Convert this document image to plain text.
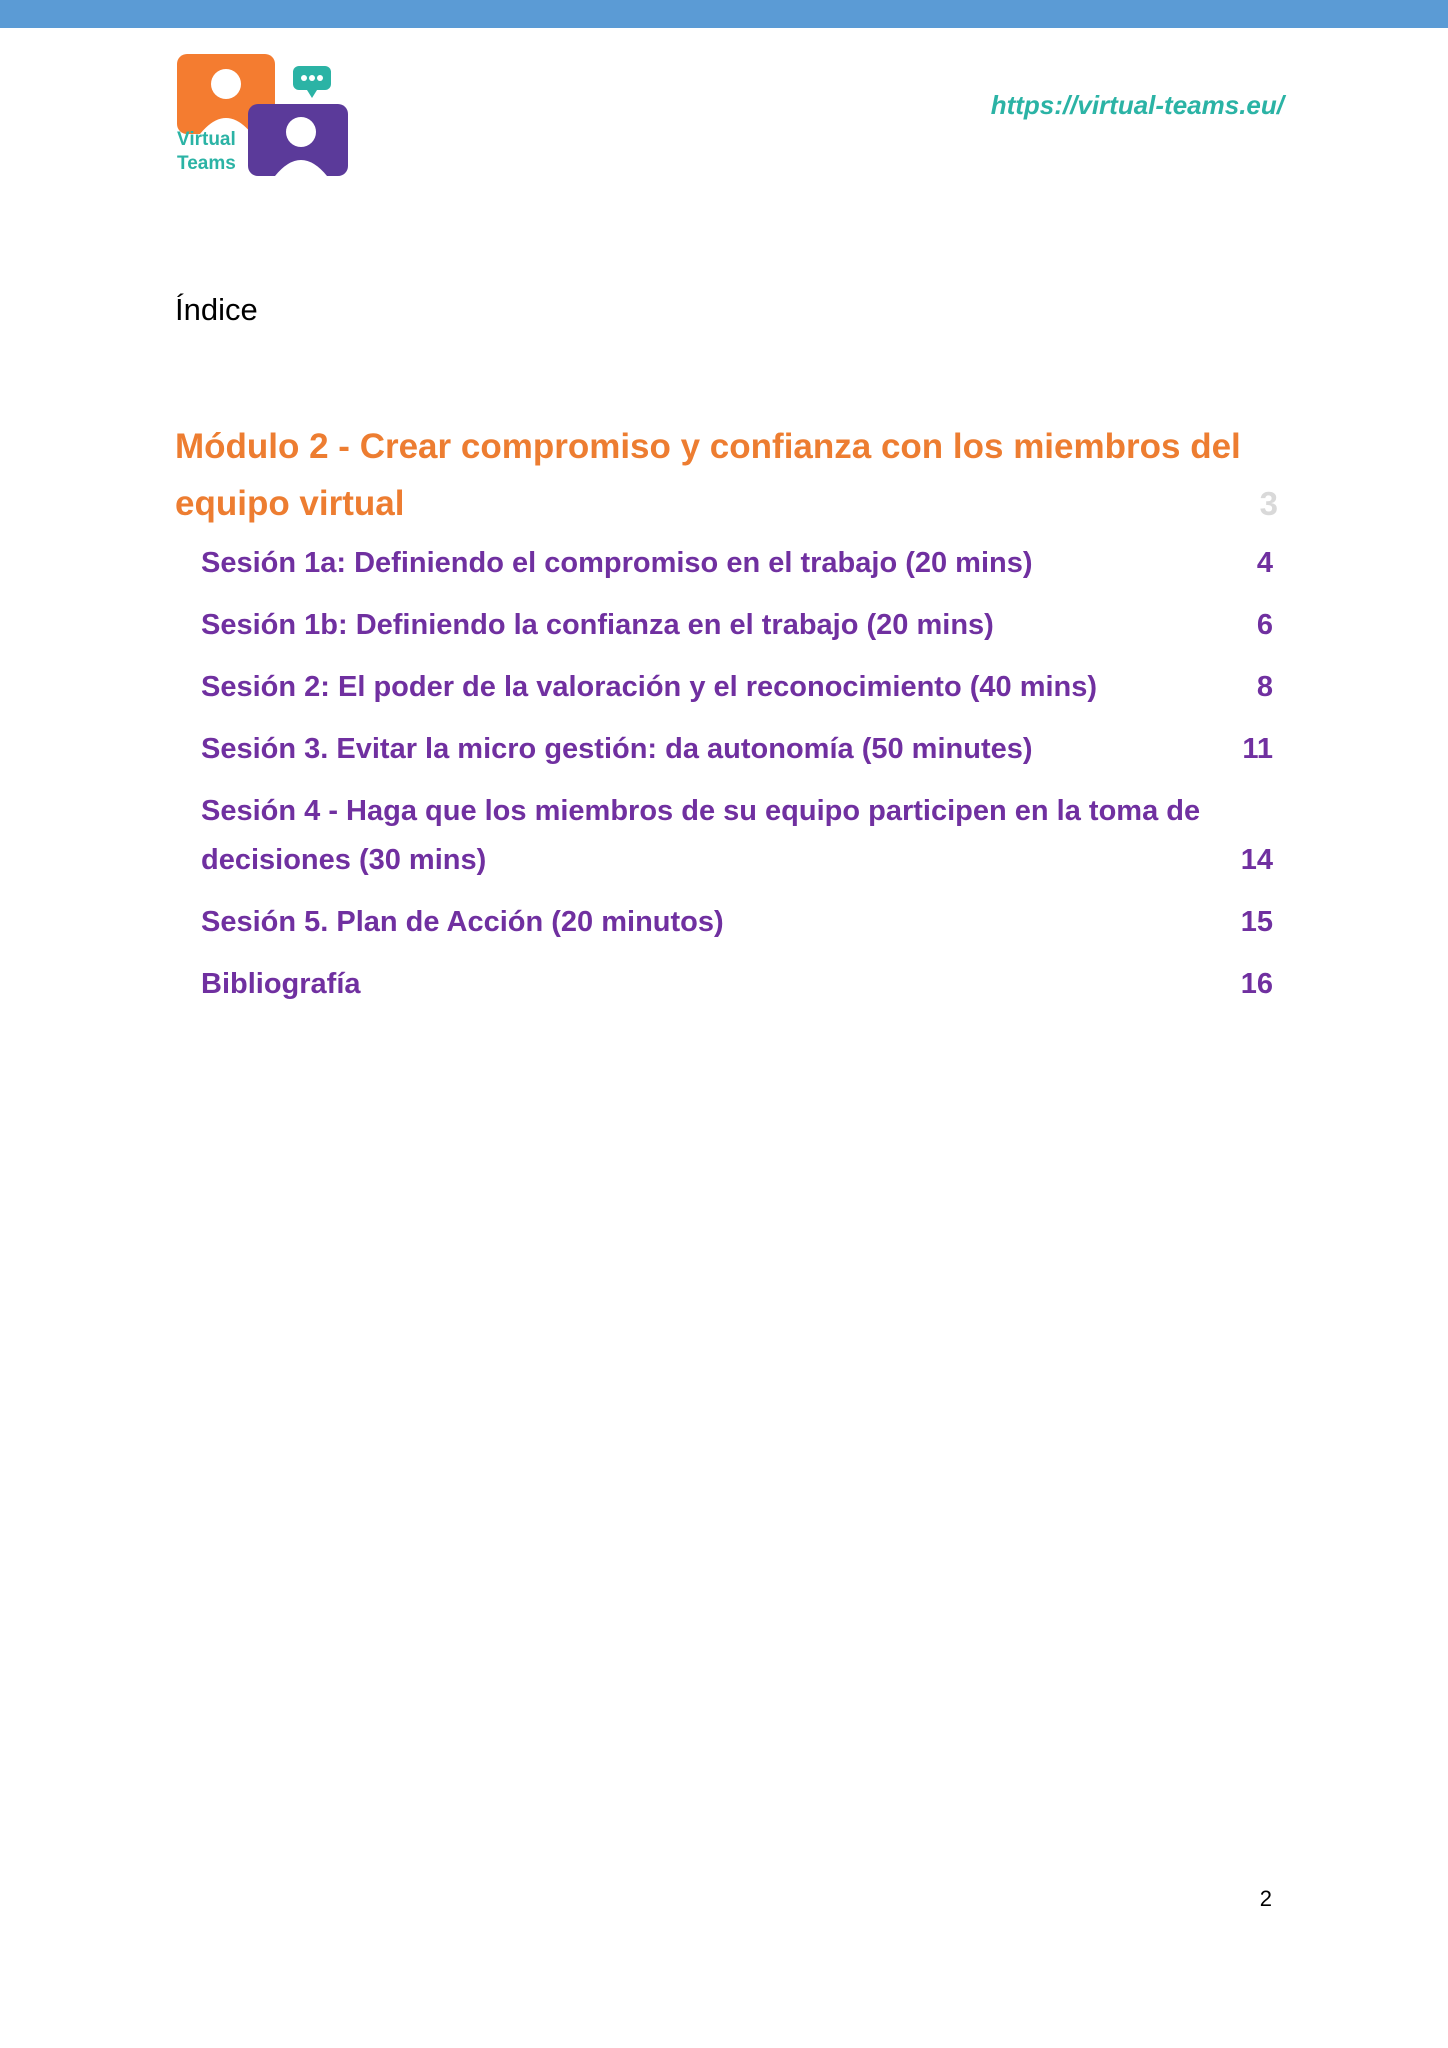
Virtual
Teams
https://virtual-teams.eu/
Índice
Módulo 2 - Crear compromiso y confianza con los miembros del equipo virtual	3
Sesión 1a: Definiendo el compromiso en el trabajo (20 mins)	4
Sesión 1b: Definiendo la confianza en el trabajo (20 mins)	6
Sesión 2: El poder de la valoración y el reconocimiento (40 mins)	8
Sesión 3. Evitar la micro gestión: da autonomía (50 minutes)	11
Sesión 4 - Haga que los miembros de su equipo participen en la toma de decisiones (30 mins)	14
Sesión 5. Plan de Acción (20 minutos)	15
Bibliografía	16
2
